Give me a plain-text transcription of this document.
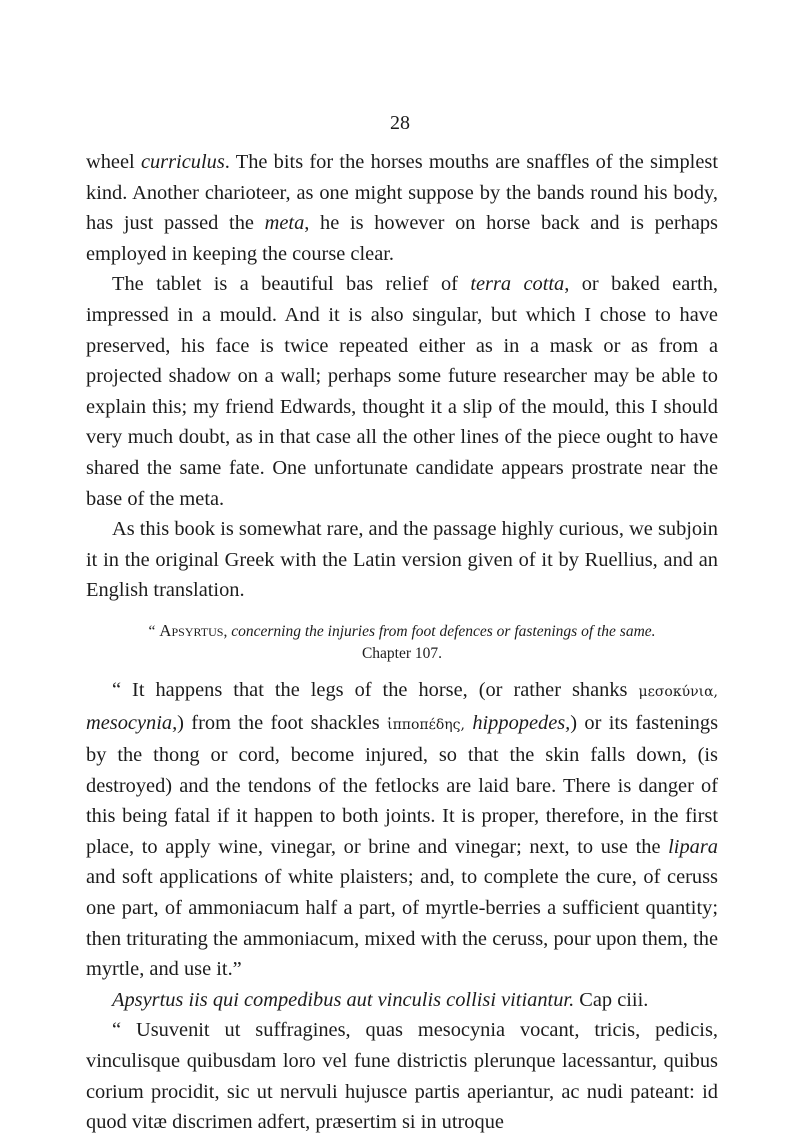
28

wheel curriculus. The bits for the horses mouths are snaffles of the simplest kind. Another charioteer, as one might suppose by the bands round his body, has just passed the meta, he is however on horse back and is perhaps employed in keeping the course clear.

The tablet is a beautiful bas relief of terra cotta, or baked earth, impressed in a mould. And it is also singular, but which I chose to have preserved, his face is twice repeated either as in a mask or as from a projected shadow on a wall; perhaps some future researcher may be able to explain this; my friend Edwards, thought it a slip of the mould, this I should very much doubt, as in that case all the other lines of the piece ought to have shared the same fate. One unfortunate candidate appears prostrate near the base of the meta.

As this book is somewhat rare, and the passage highly curious, we subjoin it in the original Greek with the Latin version given of it by Ruellius, and an English translation.

“ Apsyrtus, concerning the injuries from foot defences or fastenings of the same.
Chapter 107.

“ It happens that the legs of the horse, (or rather shanks μεσοκύνια, mesocynia,) from the foot shackles ἱπποπέδης, hippopedes,) or its fastenings by the thong or cord, become injured, so that the skin falls down, (is destroyed) and the tendons of the fetlocks are laid bare. There is danger of this being fatal if it happen to both joints. It is proper, therefore, in the first place, to apply wine, vinegar, or brine and vinegar; next, to use the lipara and soft applications of white plaisters; and, to complete the cure, of ceruss one part, of ammoniacum half a part, of myrtle-berries a sufficient quantity; then triturating the ammoniacum, mixed with the ceruss, pour upon them, the myrtle, and use it.”

Apsyrtus iis qui compedibus aut vinculis collisi vitiantur. Cap ciii.

“ Usuvenit ut suffragines, quas mesocynia vocant, tricis, pedicis, vinculisque quibusdam loro vel fune districtis plerunque lacessantur, quibus corium procidit, sic ut nervuli hujusce partis aperiantur, ac nudi pateant: id quod vitæ discrimen adfert, præsertim si in utroque
